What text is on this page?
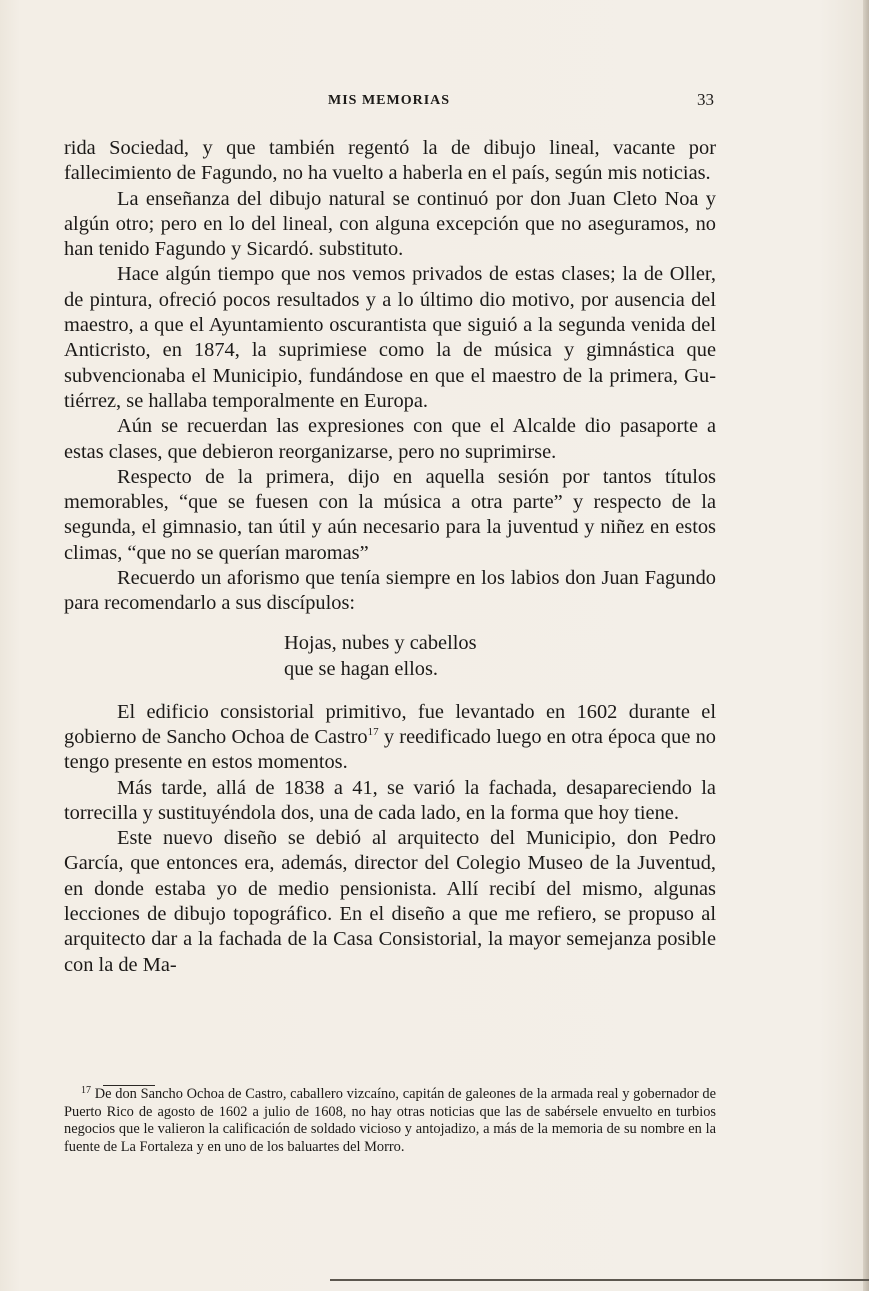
MIS MEMORIAS	33

rida Sociedad, y que también regentó la de dibujo lineal, vacante por fallecimiento de Fagundo, no ha vuelto a haberla en el país, según mis noticias.

La enseñanza del dibujo natural se continuó por don Juan Cleto Noa y algún otro; pero en lo del lineal, con alguna excepción que no aseguramos, no han tenido Fagundo y Sicardó. substituto.

Hace algún tiempo que nos vemos privados de estas clases; la de Oller, de pintura, ofreció pocos resultados y a lo último dio motivo, por ausencia del maestro, a que el Ayuntamiento oscurantista que siguió a la segunda venida del Anticristo, en 1874, la suprimiese como la de música y gimnástica que subvencionaba el Municipio, fundándose en que el maestro de la primera, Gutiérrez, se hallaba temporalmente en Europa.

Aún se recuerdan las expresiones con que el Alcalde dio pasaporte a estas clases, que debieron reorganizarse, pero no suprimirse.

Respecto de la primera, dijo en aquella sesión por tantos títulos memorables, “que se fuesen con la música a otra parte” y respecto de la segunda, el gimnasio, tan útil y aún necesario para la juventud y niñez en estos climas, “que no se querían maromas”

Recuerdo un aforismo que tenía siempre en los labios don Juan Fagundo para recomendarlo a sus discípulos:

Hojas, nubes y cabellos
que se hagan ellos.

El edificio consistorial primitivo, fue levantado en 1602 durante el gobierno de Sancho Ochoa de Castro$^{17}$ y reedificado luego en otra época que no tengo presente en estos momentos.

Más tarde, allá de 1838 a 41, se varió la fachada, desapareciendo la torrecilla y sustituyéndola dos, una de cada lado, en la forma que hoy tiene.

Este nuevo diseño se debió al arquitecto del Municipio, don Pedro García, que entonces era, además, director del Colegio Museo de la Juventud, en donde estaba yo de medio pensionista. Allí recibí del mismo, algunas lecciones de dibujo topográfico. En el diseño a que me refiero, se propuso al arquitecto dar a la fachada de la Casa Consistorial, la mayor semejanza posible con la de Ma-

$^{17}$ De don Sancho Ochoa de Castro, caballero vizcaíno, capitán de galeones de la armada real y gobernador de Puerto Rico de agosto de 1602 a julio de 1608, no hay otras noticias que las de sabérsele envuelto en turbios negocios que le valieron la calificación de soldado vicioso y antojadizo, a más de la memoria de su nombre en la fuente de La Fortaleza y en uno de los baluartes del Morro.
